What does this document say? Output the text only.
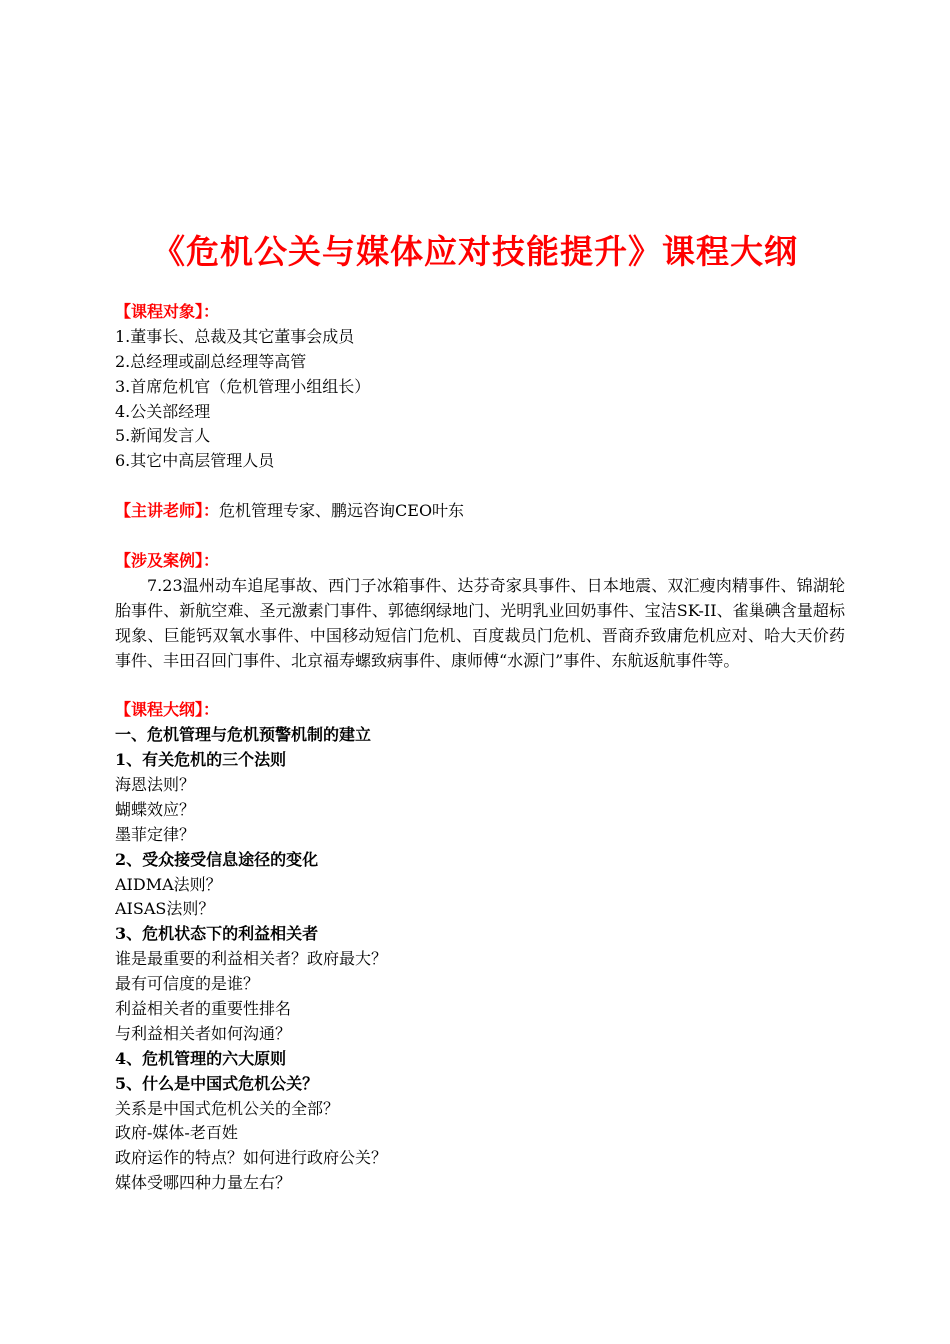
《危机公关与媒体应对技能提升》课程大纲
【课程对象】：
1.董事长、总裁及其它董事会成员
2.总经理或副总经理等高管
3.首席危机官（危机管理小组组长）
4.公关部经理
5.新闻发言人
6.其它中高层管理人员
【主讲老师】：危机管理专家、鹏远咨询CEO叶东
【涉及案例】：
7.23温州动车追尾事故、西门子冰箱事件、达芬奇家具事件、日本地震、双汇瘦肉精事件、锦湖轮胎事件、新航空难、圣元激素门事件、郭德纲绿地门、光明乳业回奶事件、宝洁SK-II、雀巢碘含量超标现象、巨能钙双氧水事件、中国移动短信门危机、百度裁员门危机、晋商乔致庸危机应对、哈大天价药事件、丰田召回门事件、北京福寿螺致病事件、康师傅“水源门”事件、东航返航事件等。
【课程大纲】：
一、危机管理与危机预警机制的建立
1、有关危机的三个法则
海恩法则？
蝴蝶效应？
墨菲定律？
2、受众接受信息途径的变化
AIDMA法则？
AISAS法则？
3、危机状态下的利益相关者
谁是最重要的利益相关者？政府最大？
最有可信度的是谁？
利益相关者的重要性排名
与利益相关者如何沟通？
4、危机管理的六大原则
5、什么是中国式危机公关？
关系是中国式危机公关的全部？
政府-媒体-老百姓
政府运作的特点？如何进行政府公关？
媒体受哪四种力量左右？
